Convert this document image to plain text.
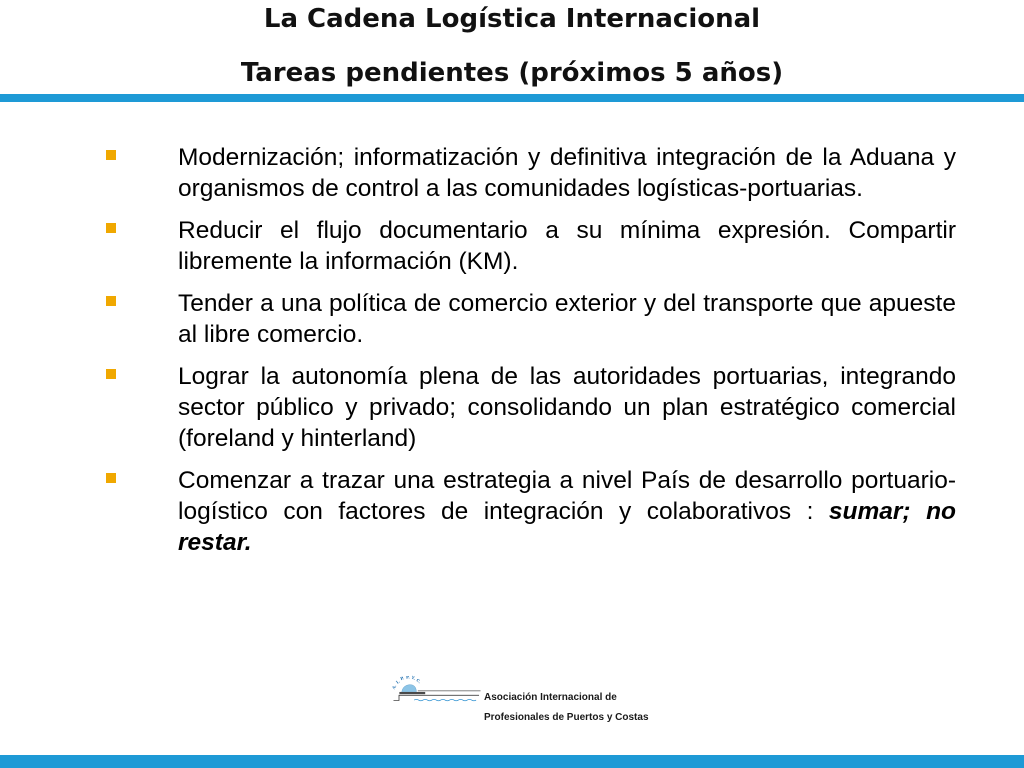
La Cadena Logística Internacional
Tareas pendientes (próximos 5 años)
Modernización; informatización y definitiva integración de la Aduana y organismos de control a las comunidades logísticas-portuarias.
Reducir el flujo documentario a su mínima expresión. Compartir libremente la información (KM).
Tender a una política de comercio exterior y del transporte que apueste al libre comercio.
Lograr la autonomía plena de las autoridades portuarias, integrando sector público y privado; consolidando un plan estratégico comercial (foreland y hinterland)
Comenzar a trazar una estrategia a nivel País de desarrollo portuario-logístico con factores de integración y colaborativos : sumar; no restar.
A.
I.
P. P. Y. C.
Asociación Internacional de
Profesionales de Puertos y Costas
